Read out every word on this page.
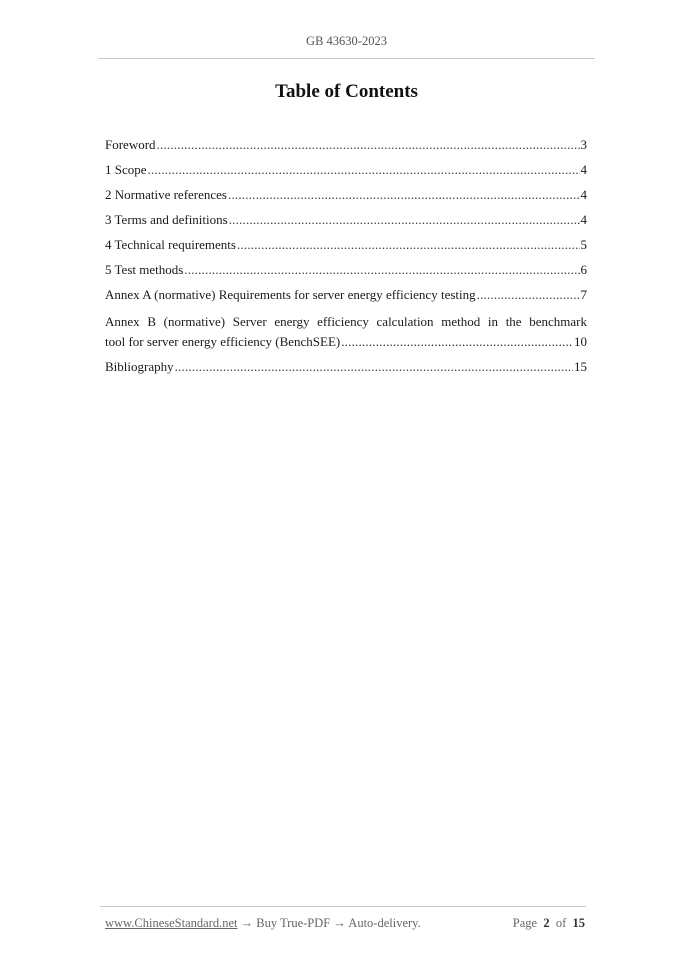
GB 43630-2023
Table of Contents
Foreword .....	3
1 Scope .....	4
2 Normative references .....	4
3 Terms and definitions .....	4
4 Technical requirements .....	5
5 Test methods .....	6
Annex A (normative) Requirements for server energy efficiency testing .....	7
Annex B (normative) Server energy efficiency calculation method in the benchmark
tool for server energy efficiency (BenchSEE) .....	10
Bibliography .....	15
www.ChineseStandard.net → Buy True-PDF → Auto-delivery.	Page 2 of 15
